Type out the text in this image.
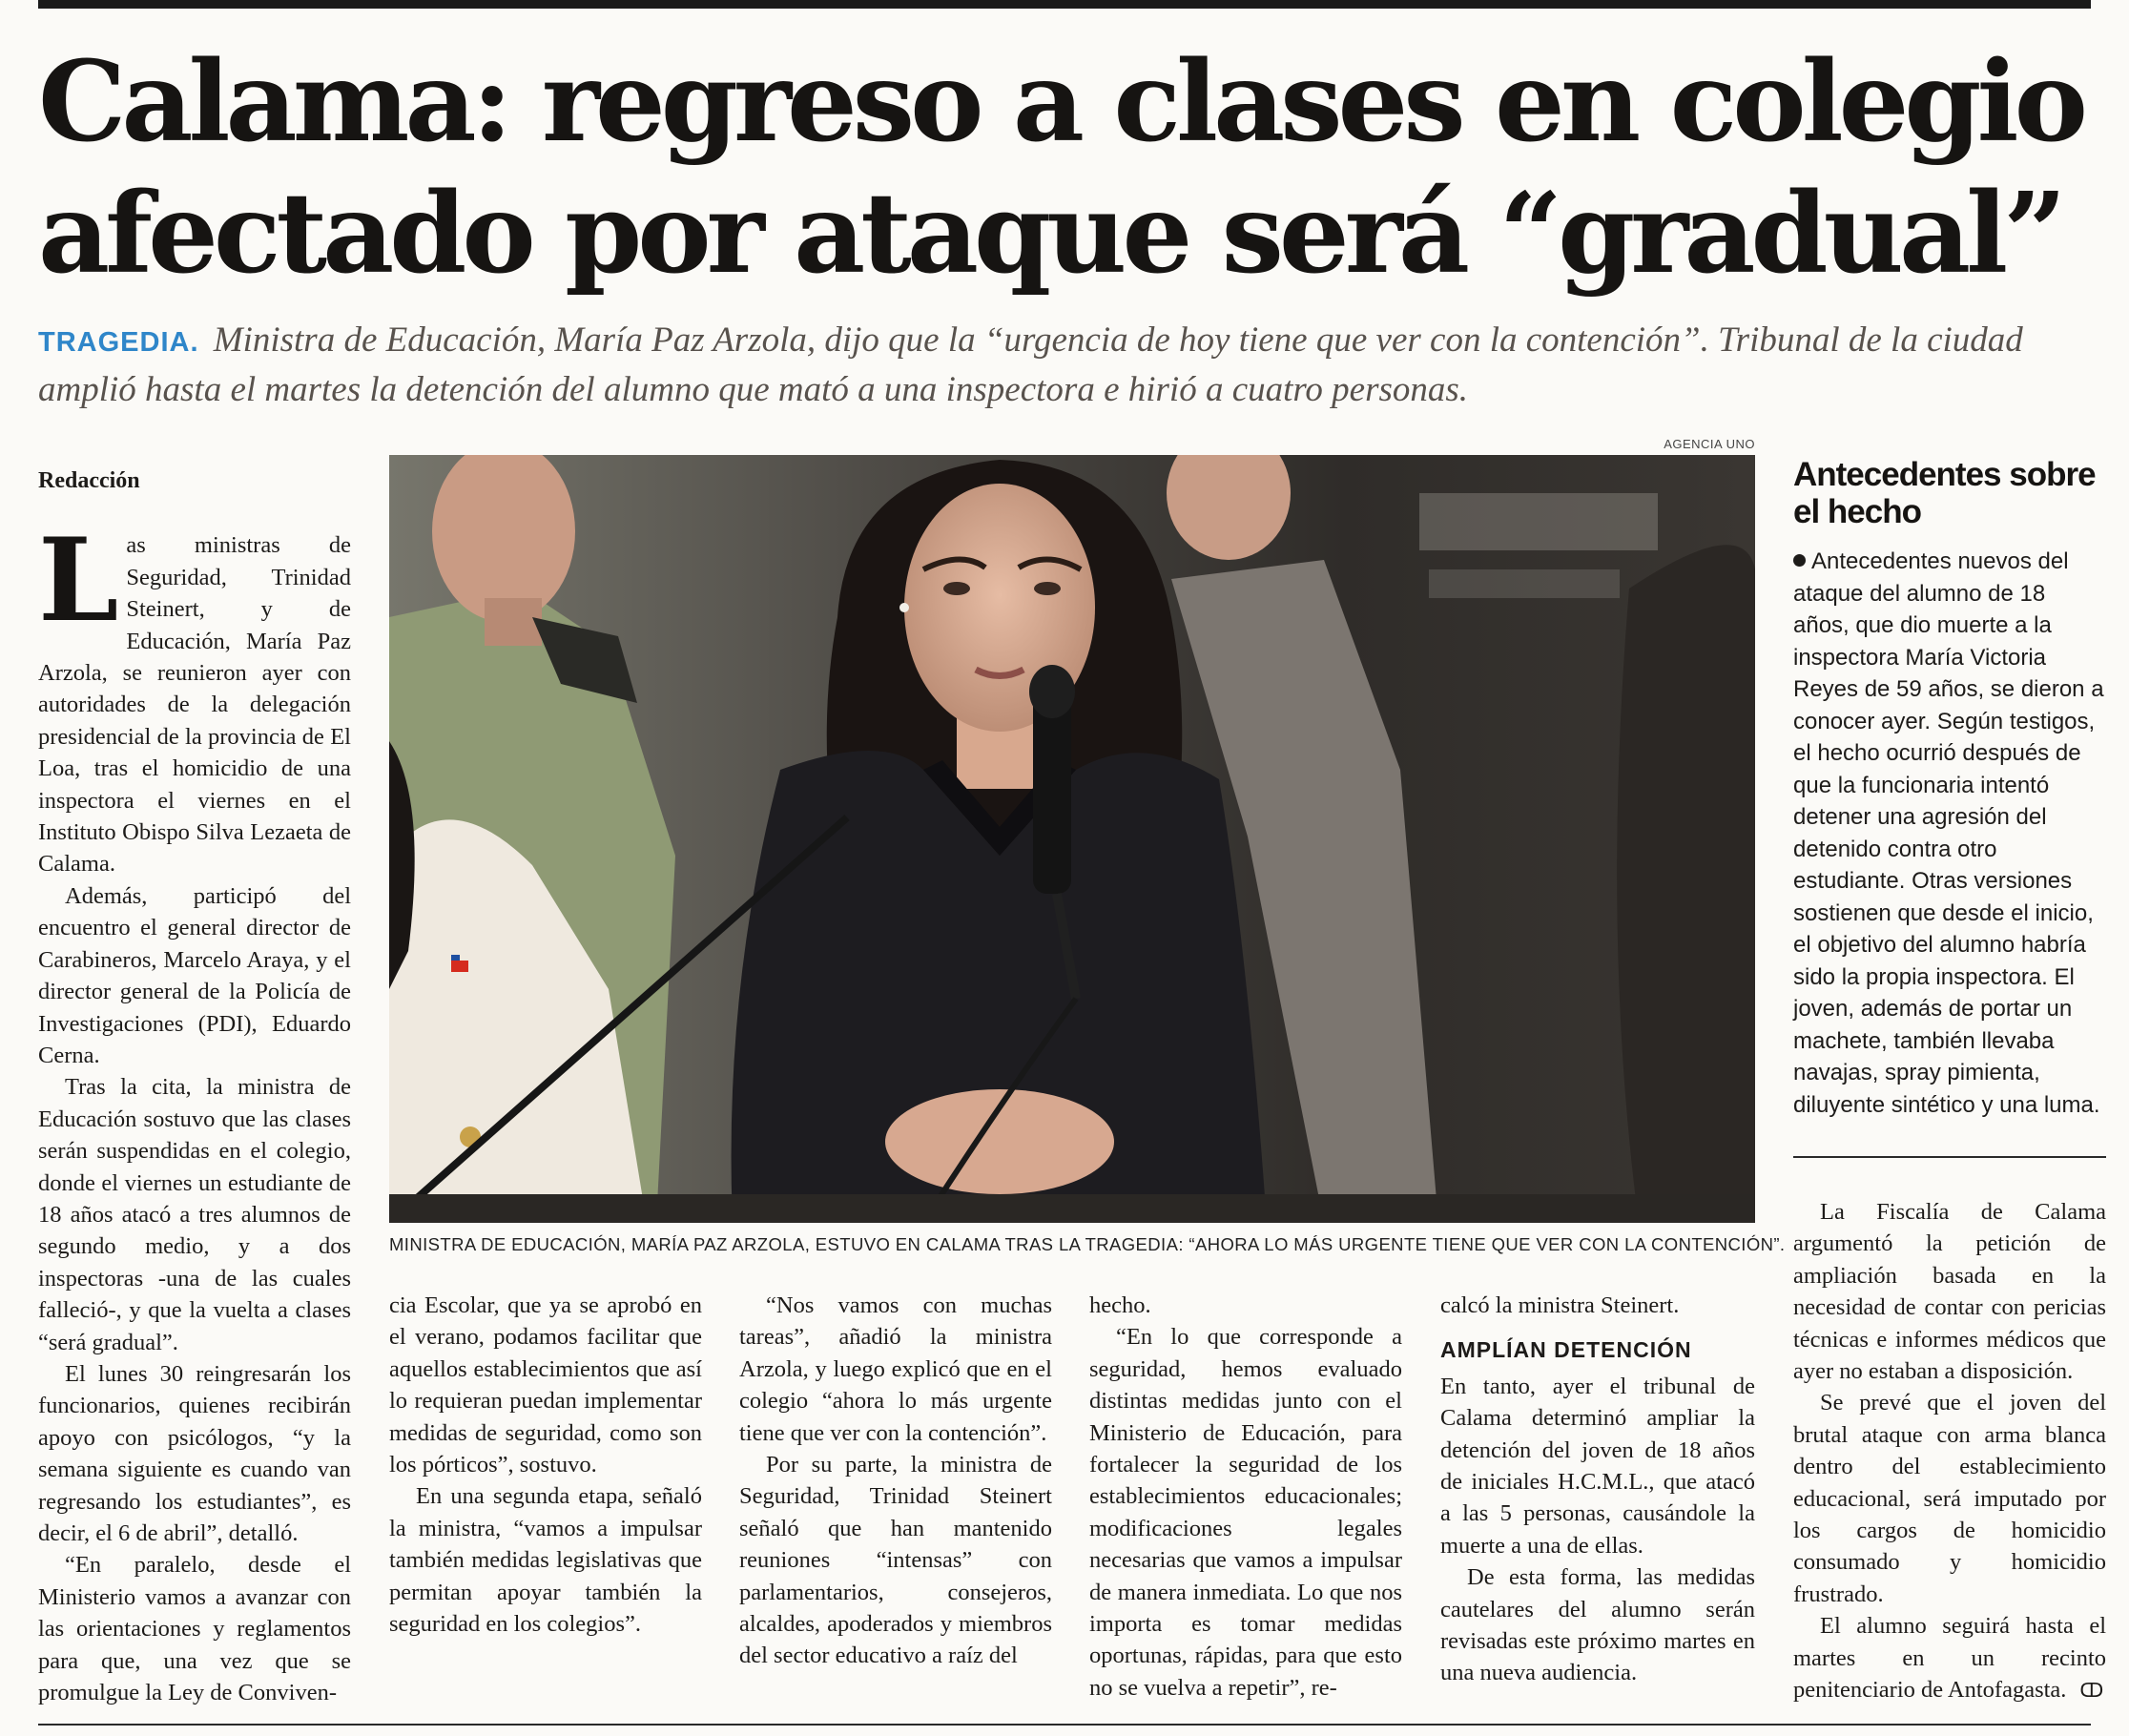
Calama: regreso a clases en colegio
afectado por ataque será “gradual”
TRAGEDIA. Ministra de Educación, María Paz Arzola, dijo que la “urgencia de hoy tiene que ver con la contención”. Tribunal de la ciudad amplió hasta el martes la detención del alumno que mató a una inspectora e hirió a cuatro personas.
Redacción

Las ministras de Seguridad, Trinidad Steinert, y de Educación, María Paz Arzola, se reunieron ayer con autoridades de la delegación presidencial de la provincia de El Loa, tras el homicidio de una inspectora el viernes en el Instituto Obispo Silva Lezaeta de Calama.

Además, participó del encuentro el general director de Carabineros, Marcelo Araya, y el director general de la Policía de Investigaciones (PDI), Eduardo Cerna.

Tras la cita, la ministra de Educación sostuvo que las clases serán suspendidas en el colegio, donde el viernes un estudiante de 18 años atacó a tres alumnos de segundo medio, y a dos inspectoras -una de las cuales falleció-, y que la vuelta a clases “será gradual”.

El lunes 30 reingresarán los funcionarios, quienes recibirán apoyo con psicólogos, “y la semana siguiente es cuando van regresando los estudiantes”, es decir, el 6 de abril”, detalló.

“En paralelo, desde el Ministerio vamos a avanzar con las orientaciones y reglamentos para que, una vez que se promulgue la Ley de Conviven-

AGENCIA UNO
MINISTRA DE EDUCACIÓN, MARÍA PAZ ARZOLA, ESTUVO EN CALAMA TRAS LA TRAGEDIA: “AHORA LO MÁS URGENTE TIENE QUE VER CON LA CONTENCIÓN”.

cia Escolar, que ya se aprobó en el verano, podamos facilitar que aquellos establecimientos que así lo requieran puedan implementar medidas de seguridad, como son los pórticos”, sostuvo.

En una segunda etapa, señaló la ministra, “vamos a impulsar también medidas legislativas que permitan apoyar también la seguridad en los colegios”.

“Nos vamos con muchas tareas”, añadió la ministra Arzola, y luego explicó que en el colegio “ahora lo más urgente tiene que ver con la contención”.

Por su parte, la ministra de Seguridad, Trinidad Steinert señaló que han mantenido reuniones “intensas” con parlamentarios, consejeros, alcaldes, apoderados y miembros del sector educativo a raíz del

hecho.

“En lo que corresponde a seguridad, hemos evaluado distintas medidas junto con el Ministerio de Educación, para fortalecer la seguridad de los establecimientos educacionales; modificaciones legales necesarias que vamos a impulsar de manera inmediata. Lo que nos importa es tomar medidas oportunas, rápidas, para que esto no se vuelva a repetir”, re-

calcó la ministra Steinert.

AMPLÍAN DETENCIÓN

En tanto, ayer el tribunal de Calama determinó ampliar la detención del joven de 18 años de iniciales H.C.M.L., que atacó a las 5 personas, causándole la muerte a una de ellas.

De esta forma, las medidas cautelares del alumno serán revisadas este próximo martes en una nueva audiencia.

Antecedentes sobre el hecho
Antecedentes nuevos del ataque del alumno de 18 años, que dio muerte a la inspectora María Victoria Reyes de 59 años, se dieron a conocer ayer. Según testigos, el hecho ocurrió después de que la funcionaria intentó detener una agresión del detenido contra otro estudiante. Otras versiones sostienen que desde el inicio, el objetivo del alumno habría sido la propia inspectora. El joven, además de portar un machete, también llevaba navajas, spray pimienta, diluyente sintético y una luma.

La Fiscalía de Calama argumentó la petición de ampliación basada en la necesidad de contar con pericias técnicas e informes médicos que ayer no estaban a disposición.

Se prevé que el joven del brutal ataque con arma blanca dentro del establecimiento educacional, será imputado por los cargos de homicidio consumado y homicidio frustrado.

El alumno seguirá hasta el martes en un recinto penitenciario de Antofagasta. ↀ
